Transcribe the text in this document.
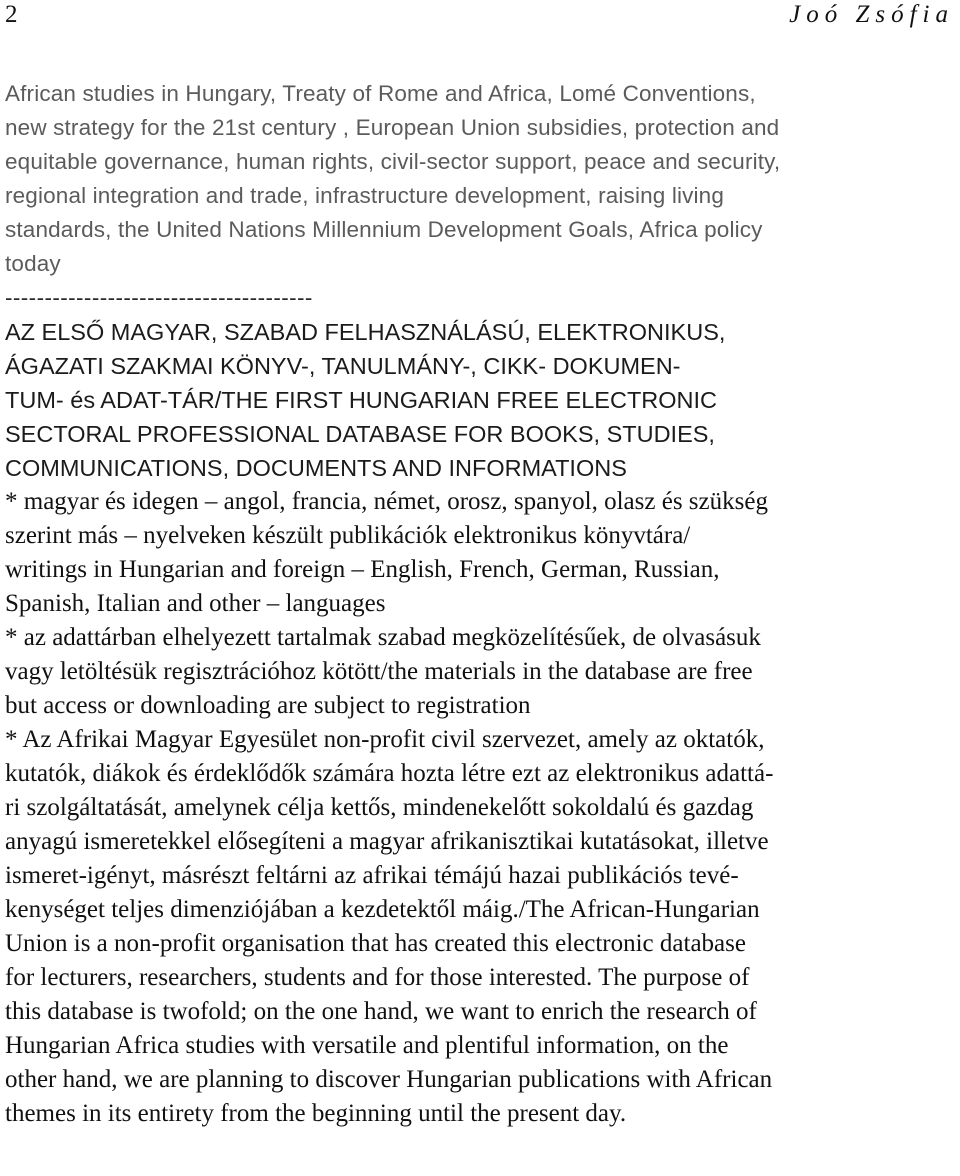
2	Joó Zsófia
African studies in Hungary, Treaty of Rome and Africa, Lomé Conventions,
new strategy for the 21st century , European Union subsidies, protection and
equitable governance, human rights, civil-sector support, peace and security,
regional integration and trade, infrastructure development, raising living
standards, the United Nations Millennium Development Goals, Africa policy
today
---------------------------------------
AZ ELSŐ MAGYAR, SZABAD FELHASZNÁLÁSÚ, ELEKTRONIKUS,
ÁGAZATI SZAKMAI KÖNYV-, TANULMÁNY-, CIKK- DOKUMEN-
TUM- és ADAT-TÁR/THE FIRST HUNGARIAN FREE ELECTRONIC
SECTORAL PROFESSIONAL DATABASE FOR BOOKS, STUDIES,
COMMUNICATIONS, DOCUMENTS AND INFORMATIONS
* magyar és idegen – angol, francia, német, orosz, spanyol, olasz és szükség
szerint más – nyelveken készült publikációk elektronikus könyvtára/
writings in Hungarian and foreign – English, French, German, Russian,
Spanish, Italian and other – languages
* az adattárban elhelyezett tartalmak szabad megközelítésűek, de olvasásuk
vagy letöltésük regisztrációhoz kötött/the materials in the database are free
but access or downloading are subject to registration
* Az Afrikai Magyar Egyesület non-profit civil szervezet, amely az oktatók,
kutatók, diákok és érdeklődők számára hozta létre ezt az elektronikus adattá-
ri szolgáltatását, amelynek célja kettős, mindenekelőtt sokoldalú és gazdag
anyagú ismeretekkel elősegíteni a magyar afrikanisztikai kutatásokat, illetve
ismeret-igényt, másrészt feltárni az afrikai témájú hazai publikációs tevé-
kenységet teljes dimenziójában a kezdetektől máig./The African-Hungarian
Union is a non-profit organisation that has created this electronic database
for lecturers, researchers, students and for those interested. The purpose of
this database is twofold; on the one hand, we want to enrich the research of
Hungarian Africa studies with versatile and plentiful information, on the
other hand, we are planning to discover Hungarian publications with African
themes in its entirety from the beginning until the present day.
